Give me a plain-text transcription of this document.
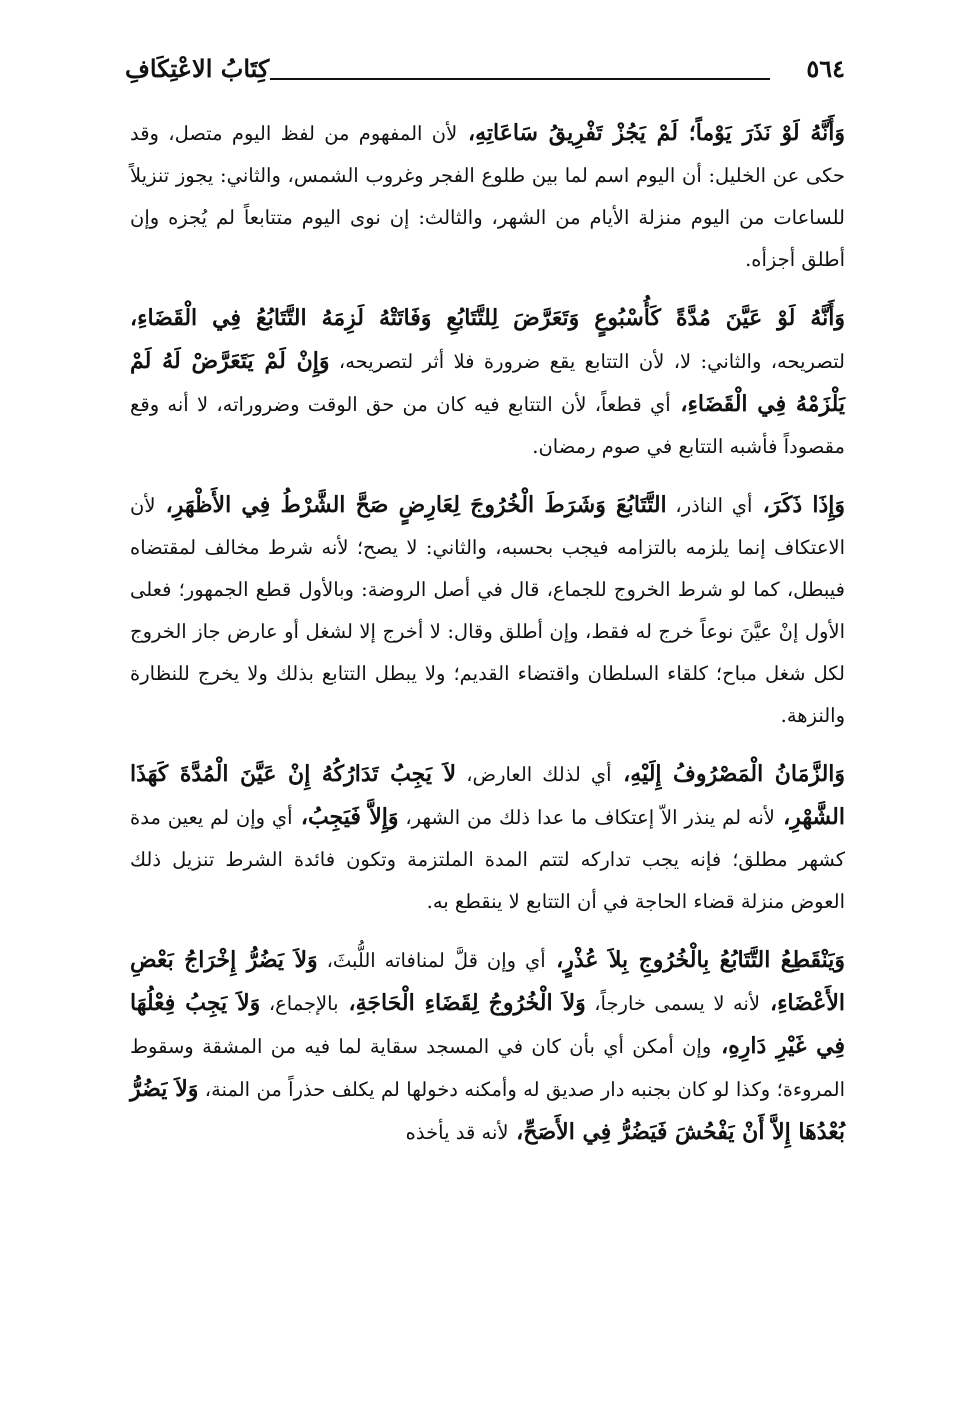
٥٦٤
كِتَابُ الاعْتِكَافِ

وَأَنَّهُ لَوْ نَذَرَ يَوْماً؛ لَمْ يَجُزْ تَفْرِيقُ سَاعَاتِهِ، لأن المفهوم من لفظ اليوم متصل، وقد حكى عن الخليل: أن اليوم اسم لما بين طلوع الفجر وغروب الشمس، والثاني: يجوز تنزيلاً للساعات من اليوم منزلة الأيام من الشهر، والثالث: إن نوى اليوم متتابعاً لم يُجزه وإن أطلق أجزأه.

وَأَنَّهُ لَوْ عَيَّنَ مُدَّةً كَأُسْبُوعٍ وَتَعَرَّضَ لِلتَّتَابُعِ وَفَاتَتْهُ لَزِمَهُ التَّتَابُعُ فِي الْقَضَاءِ، لتصريحه، والثاني: لا، لأن التتابع يقع ضرورة فلا أثر لتصريحه، وَإِنْ لَمْ يَتَعَرَّضْ لَهُ لَمْ يَلْزَمْهُ فِي الْقَضَاءِ، أي قطعاً، لأن التتابع فيه كان من حق الوقت وضروراته، لا أنه وقع مقصوداً فأشبه التتابع في صوم رمضان.

وَإِذَا ذَكَرَ، أي الناذر، التَّتَابُعَ وَشَرَطَ الْخُرُوجَ لِعَارِضٍ صَحَّ الشَّرْطُ فِي الأَظْهَرِ، لأن الاعتكاف إنما يلزمه بالتزامه فيجب بحسبه، والثاني: لا يصح؛ لأنه شرط مخالف لمقتضاه فيبطل، كما لو شرط الخروج للجماع، قال في أصل الروضة: وبالأول قطع الجمهور؛ فعلى الأول إنْ عيَّنَ نوعاً خرج له فقط، وإن أطلق وقال: لا أخرج إلا لشغل أو عارض جاز الخروج لكل شغل مباح؛ كلقاء السلطان واقتضاء القديم؛ ولا يبطل التتابع بذلك ولا يخرج للنظارة والنزهة.

وَالزَّمَانُ الْمَصْرُوفُ إِلَيْهِ، أي لذلك العارض، لاَ يَجِبُ تَدَارُكُهُ إِنْ عَيَّنَ الْمُدَّةَ كَهَذَا الشَّهْرِ، لأنه لم ينذر الاّ إعتكاف ما عدا ذلك من الشهر، وَإِلاَّ فَيَجِبُ، أي وإن لم يعين مدة كشهر مطلق؛ فإنه يجب تداركه لتتم المدة الملتزمة وتكون فائدة الشرط تنزيل ذلك العوض منزلة قضاء الحاجة في أن التتابع لا ينقطع به.

وَيَنْقَطِعُ التَّتَابُعُ بِالْخُرُوجِ بِلاَ عُذْرٍ، أي وإن قلَّ لمنافاته اللُّبثَ، وَلاَ يَضُرُّ إِخْرَاجُ بَعْضِ الأَعْضَاءِ، لأنه لا يسمى خارجاً، وَلاَ الْخُرُوجُ لِقَضَاءِ الْحَاجَةِ، بالإجماع، وَلاَ يَجِبُ فِعْلُهَا فِي غَيْرِ دَارِهِ، وإن أمكن أي بأن كان في المسجد سقاية لما فيه من المشقة وسقوط المروءة؛ وكذا لو كان بجنبه دار صديق له وأمكنه دخولها لم يكلف حذراً من المنة، وَلاَ يَضُرُّ بُعْدُهَا إِلاَّ أَنْ يَفْحُشَ فَيَضُرُّ فِي الأَصَحِّ، لأنه قد يأخذه
